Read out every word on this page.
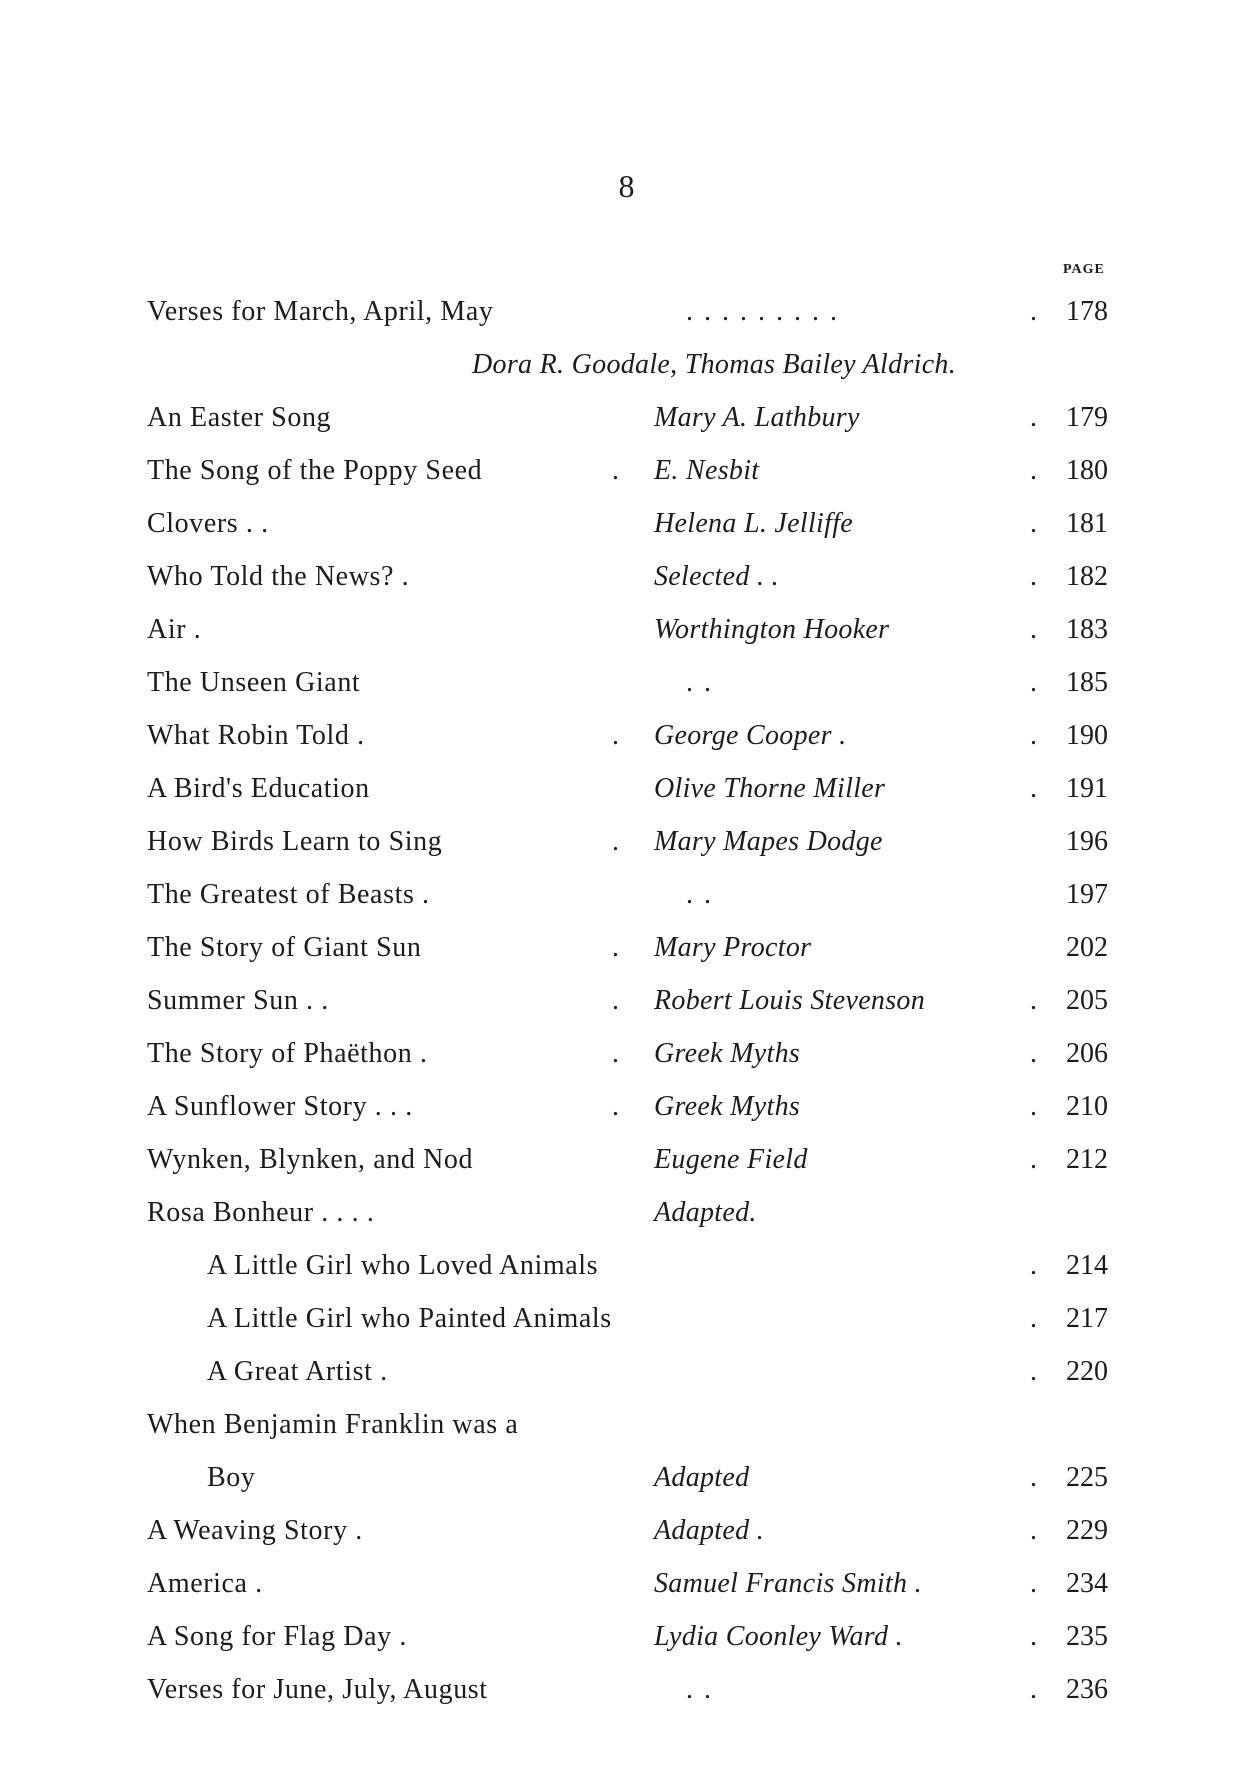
8
PAGE
Verses for March, April, May	. . . . . . . . .	. 178
Dora R. Goodale, Thomas Bailey Aldrich.
An Easter Song	Mary A. Lathbury	. 179
The Song of the Poppy Seed	. E. Nesbit	. 180
Clovers . .	Helena L. Jelliffe	. 181
Who Told the News? .	Selected . .	. 182
Air .	Worthington Hooker	. 183
The Unseen Giant	. .	. 185
What Robin Told .	. George Cooper .	. 190
A Bird's Education	Olive Thorne Miller	. 191
How Birds Learn to Sing	. Mary Mapes Dodge	196
The Greatest of Beasts .	. .	197
The Story of Giant Sun	. Mary Proctor	202
Summer Sun . .	. Robert Louis Stevenson	. 205
The Story of Phaëthon .	. Greek Myths	. 206
A Sunflower Story . . .	. Greek Myths	. 210
Wynken, Blynken, and Nod	Eugene Field	. 212
Rosa Bonheur . . . .	Adapted.
A Little Girl who Loved Animals	. 214
A Little Girl who Painted Animals	. 217
A Great Artist .	. 220
When Benjamin Franklin was a
Boy	Adapted	. 225
A Weaving Story .	Adapted .	. 229
America .	Samuel Francis Smith .	. 234
A Song for Flag Day .	Lydia Coonley Ward .	. 235
Verses for June, July, August	. .	. 236
